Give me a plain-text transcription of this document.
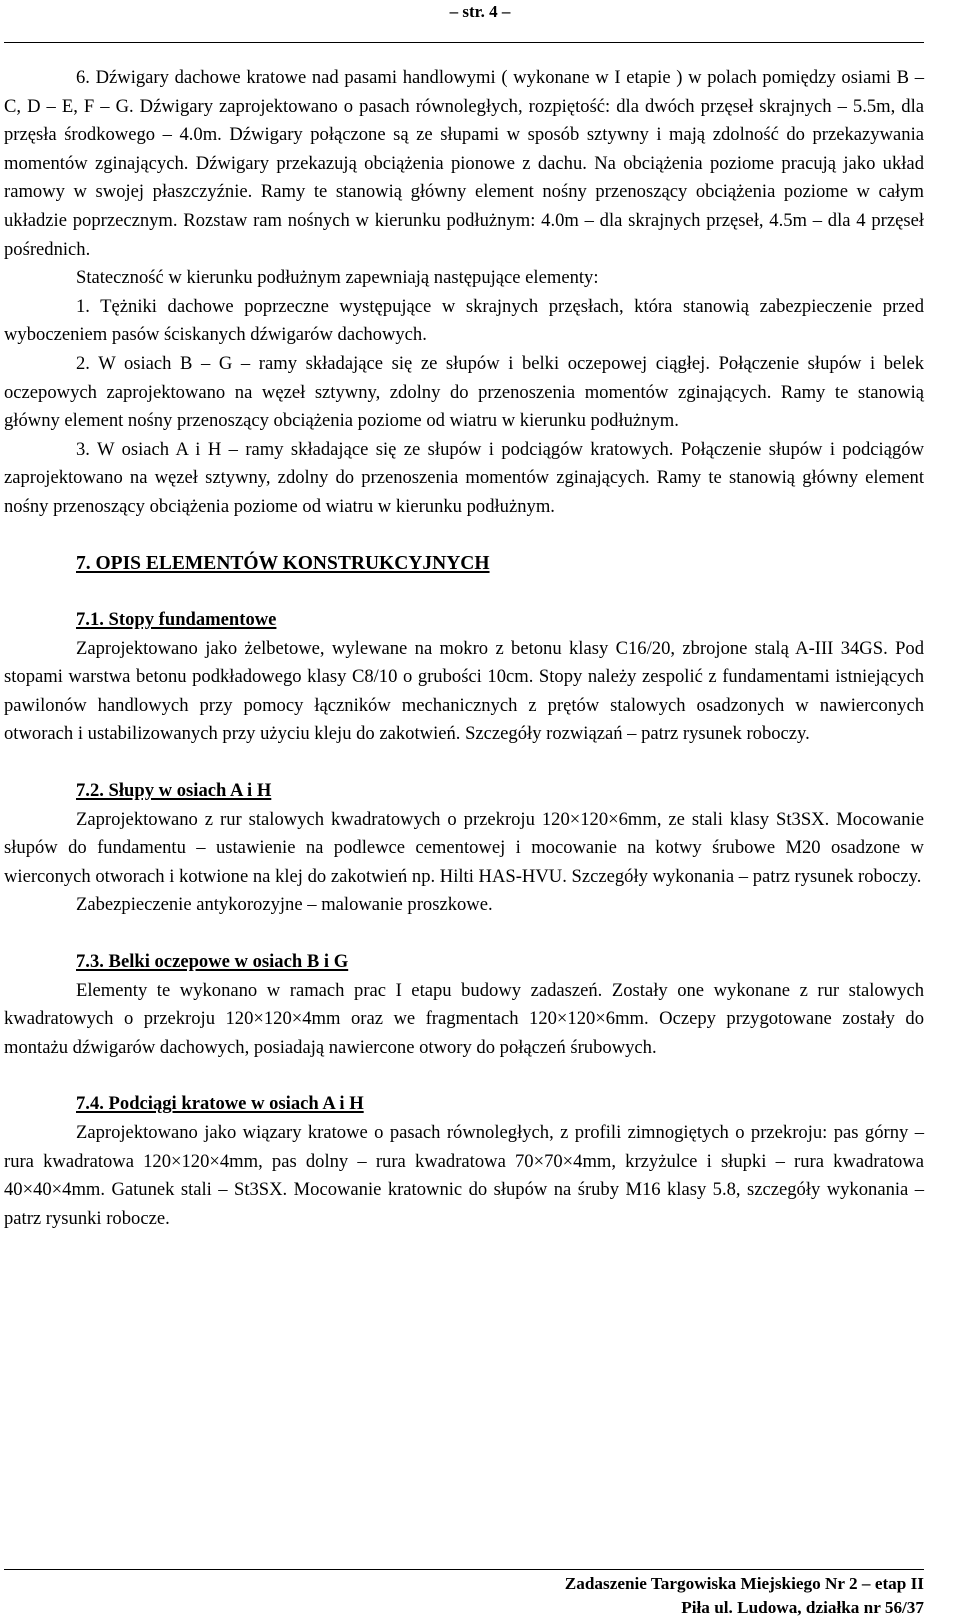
– str. 4 –

6. Dźwigary dachowe kratowe nad pasami handlowymi ( wykonane w I etapie ) w polach pomiędzy osiami B – C, D – E, F – G. Dźwigary zaprojektowano o pasach równoległych, rozpiętość: dla dwóch przęseł skrajnych – 5.5m, dla przęsła środkowego – 4.0m. Dźwigary połączone są ze słupami w sposób sztywny i mają zdolność do przekazywania momentów zginających. Dźwigary przekazują obciążenia pionowe z dachu. Na obciążenia poziome pracują jako układ ramowy w swojej płaszczyźnie. Ramy te stanowią główny element nośny przenoszący obciążenia poziome w całym układzie poprzecznym. Rozstaw ram nośnych w kierunku podłużnym: 4.0m – dla skrajnych przęseł, 4.5m – dla 4 przęseł pośrednich.

Stateczność w kierunku podłużnym zapewniają następujące elementy:

1. Tężniki dachowe poprzeczne występujące w skrajnych przęsłach, która stanowią zabezpieczenie przed wyboczeniem pasów ściskanych dźwigarów dachowych.

2. W osiach B – G – ramy składające się ze słupów i belki oczepowej ciągłej. Połączenie słupów i belek oczepowych zaprojektowano na węzeł sztywny, zdolny do przenoszenia momentów zginających. Ramy te stanowią główny element nośny przenoszący obciążenia poziome od wiatru w kierunku podłużnym.

3. W osiach A i H – ramy składające się ze słupów i podciągów kratowych. Połączenie słupów i podciągów zaprojektowano na węzeł sztywny, zdolny do przenoszenia momentów zginających. Ramy te stanowią główny element nośny przenoszący obciążenia poziome od wiatru w kierunku podłużnym.

7. OPIS ELEMENTÓW KONSTRUKCYJNYCH
7.1. Stopy fundamentowe

Zaprojektowano jako żelbetowe, wylewane na mokro z betonu klasy C16/20, zbrojone stalą A-III 34GS. Pod stopami warstwa betonu podkładowego klasy C8/10 o grubości 10cm. Stopy należy zespolić z fundamentami istniejących pawilonów handlowych przy pomocy łączników mechanicznych z prętów stalowych osadzonych w nawierconych otworach i ustabilizowanych przy użyciu kleju do zakotwień. Szczegóły rozwiązań – patrz rysunek roboczy.

7.2. Słupy w osiach A i H

Zaprojektowano z rur stalowych kwadratowych o przekroju 120×120×6mm, ze stali klasy St3SX. Mocowanie słupów do fundamentu – ustawienie na podlewce cementowej i mocowanie na kotwy śrubowe M20 osadzone w wierconych otworach i kotwione na klej do zakotwień np. Hilti HAS-HVU. Szczegóły wykonania – patrz rysunek roboczy.

Zabezpieczenie antykorozyjne – malowanie proszkowe.

7.3. Belki oczepowe w osiach B i G

Elementy te wykonano w ramach prac I etapu budowy zadaszeń. Zostały one wykonane z rur stalowych kwadratowych o przekroju 120×120×4mm oraz we fragmentach 120×120×6mm. Oczepy przygotowane zostały do montażu dźwigarów dachowych, posiadają nawiercone otwory do połączeń śrubowych.

7.4. Podciągi kratowe w osiach A i H

Zaprojektowano jako wiązary kratowe o pasach równoległych, z profili zimnogiętych o przekroju: pas górny – rura kwadratowa 120×120×4mm, pas dolny – rura kwadratowa 70×70×4mm, krzyżulce i słupki – rura kwadratowa 40×40×4mm. Gatunek stali – St3SX. Mocowanie kratownic do słupów na śruby M16 klasy 5.8, szczegóły wykonania – patrz rysunki robocze.

Zadaszenie Targowiska Miejskiego Nr 2 – etap II
Piła ul. Ludowa, działka nr 56/37
